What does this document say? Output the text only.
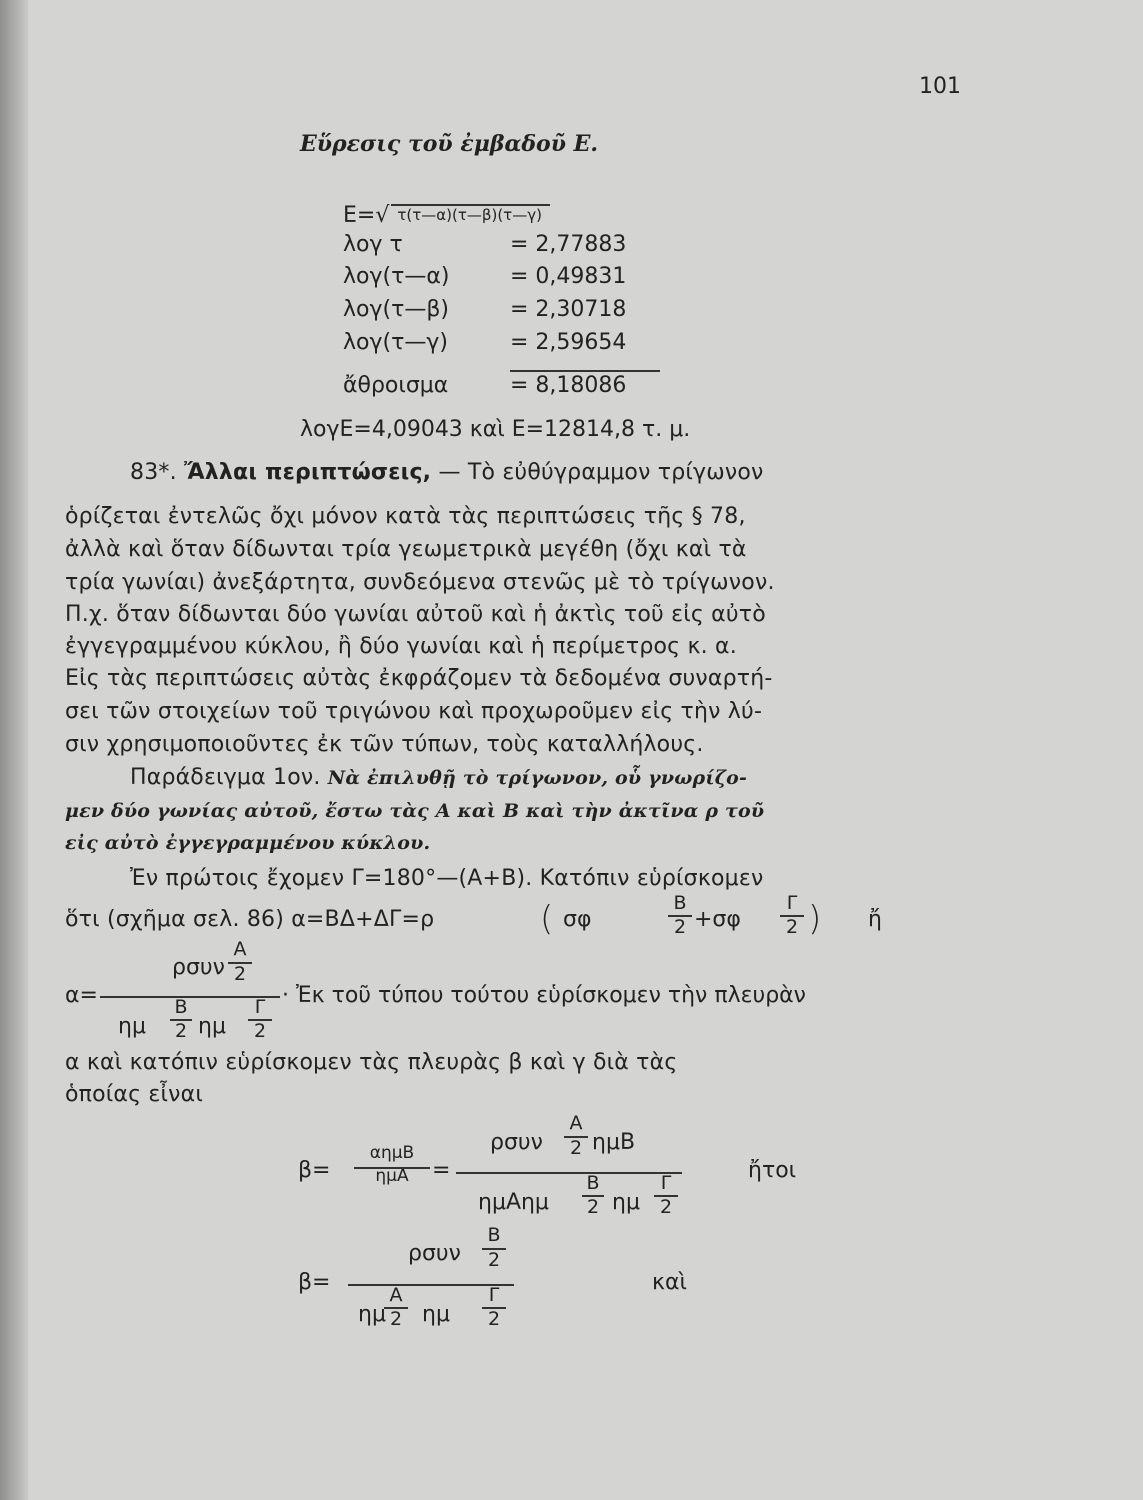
101
Εὕρεσις τοῦ ἐμβαδοῦ Ε.
Ε=√ τ(τ—α)(τ—β)(τ—γ)
λογ τ	= 2,77883
λογ(τ—α)	= 0,49831
λογ(τ—β)	= 2,30718
λογ(τ—γ)	= 2,59654
ἄθροισμα	= 8,18086
λογΕ=4,09043 καὶ Ε=12814,8 τ. μ.
83*. Ἄλλαι περιπτώσεις, — Τὸ εὐθύγραμμον τρίγωνον
ὁρίζεται ἐντελῶς ὄχι μόνον κατὰ τὰς περιπτώσεις τῆς § 78,
ἀλλὰ καὶ ὅταν δίδωνται τρία γεωμετρικὰ μεγέθη (ὄχι καὶ τὰ
τρία γωνίαι) ἀνεξάρτητα, συνδεόμενα στενῶς μὲ τὸ τρίγωνον.
Π.χ. ὅταν δίδωνται δύο γωνίαι αὐτοῦ καὶ ἡ ἀκτὶς τοῦ εἰς αὐτὸ
ἐγγεγραμμένου κύκλου, ἢ δύο γωνίαι καὶ ἡ περίμετρος κ. α.
Εἰς τὰς περιπτώσεις αὐτὰς ἐκφράζομεν τὰ δεδομένα συναρτή-
σει τῶν στοιχείων τοῦ τριγώνου καὶ προχωροῦμεν εἰς τὴν λύ-
σιν χρησιμοποιοῦντες ἐκ τῶν τύπων, τοὺς καταλλήλους.
Παράδειγμα 1ον. Νὰ ἐπιλυθῇ τὸ τρίγωνον, οὗ γνωρίζο-
μεν δύο γωνίας αὐτοῦ, ἔστω τὰς Α καὶ Β καὶ τὴν ἀκτῖνα ρ τοῦ
εἰς αὐτὸ ἐγγεγραμμένου κύκλου.
Ἐν πρώτοις ἔχομεν Γ=180°—(Α+Β). Κατόπιν εὑρίσκομεν
ὅτι (σχῆμα σελ. 86) α=ΒΔ+ΔΓ=ρ	( σφ
Β
2 +σφ
Γ
2 ) ἤ
α=
ρσυν
Α
2
ημ
Β
2 ημ
Γ
2
· Ἐκ τοῦ τύπου τούτου εὑρίσκομεν τὴν πλευρὰν
α καὶ κατόπιν εὑρίσκομεν τὰς πλευρὰς β καὶ γ διὰ τὰς
ὁποίας εἶναι
β=
αημΒ
ημΑ	=
ρσυν
Α
2 ημΒ
ημΑημ
Β
2 ημ
Γ
2
ἤτοι
β=
ρσυν
Β
2
ημ
Α
2 ημ
Γ
2
καὶ
